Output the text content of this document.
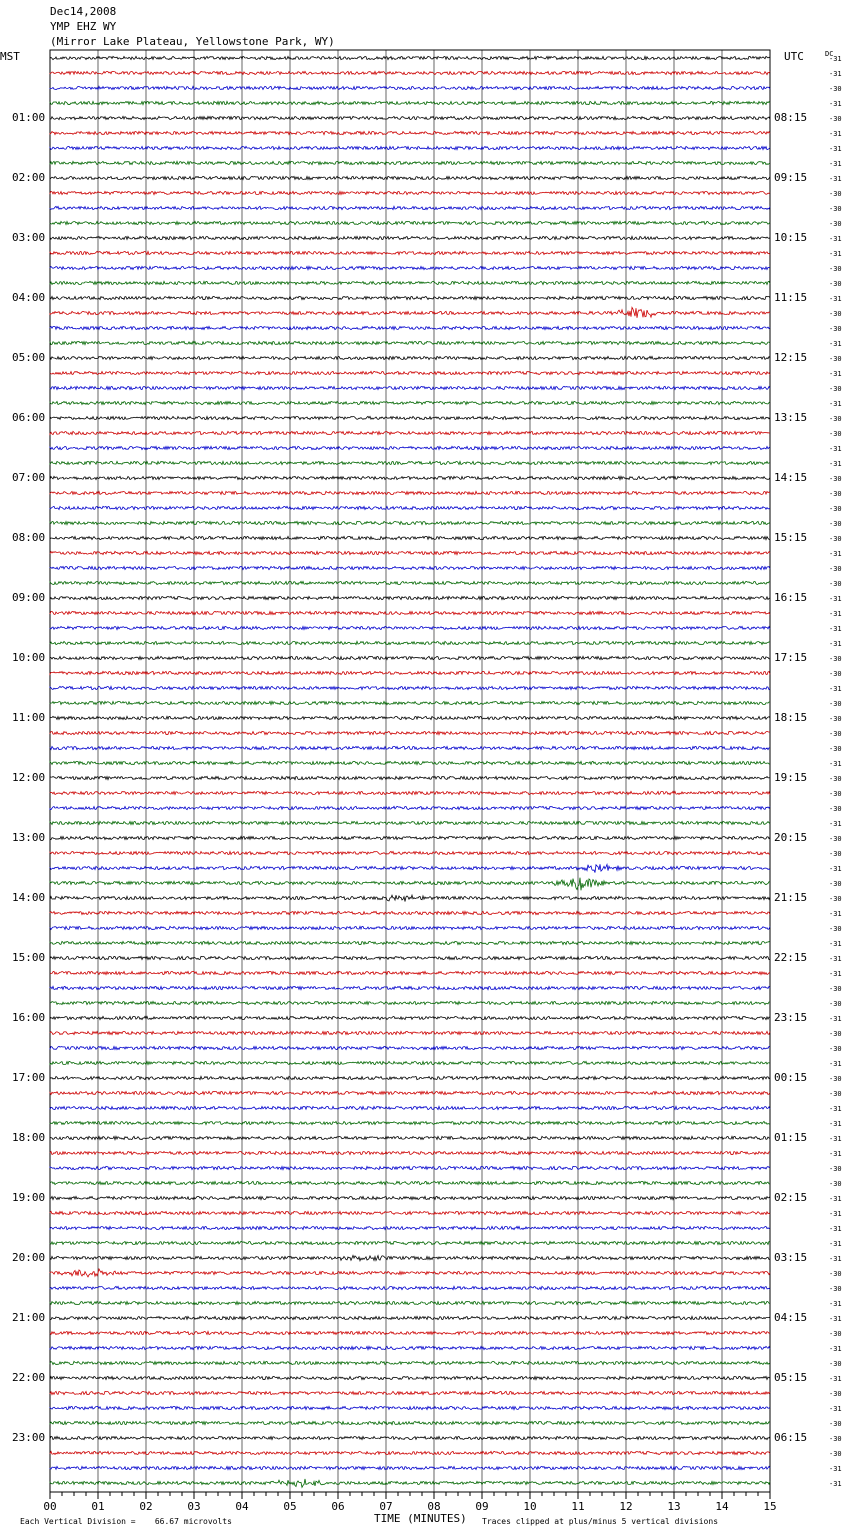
Dec14,2008
YMP EHZ WY
(Mirror Lake Plateau, Yellowstone Park, WY)
MST	UTC	DC
01:00
02:00
03:00
04:00
05:00
06:00
07:00
08:00
09:00
10:00
11:00
12:00
13:00
14:00
15:00
16:00
17:00
18:00
19:00
20:00
21:00
22:00
23:00
08:15
09:15
10:15
11:15
12:15
13:15
14:15
15:15
16:15
17:15
18:15
19:15
20:15
21:15
22:15
23:15
00:15
01:15
02:15
03:15
04:15
05:15
06:15
-31
-31
-30
-31
-30
-31
-31
-31
-31
-30
-30
-30
-31
-31
-30
-30
-31
-30
-30
-31
-30
-31
-30
-31
-30
-30
-31
-31
-30
-30
-30
-30
-30
-31
-30
-30
-31
-31
-31
-31
-30
-30
-31
-30
-30
-30
-30
-31
-30
-30
-30
-31
-30
-30
-31
-30
-30
-31
-30
-31
-31
-31
-30
-30
-31
-30
-30
-31
-30
-30
-31
-31
-31
-31
-30
-30
-31
-31
-31
-31
-31
-30
-30
-31
-31
-30
-31
-30
-31
-30
-31
-30
-30
-30
-31
-31
00	01	02	03	04	05	06	07	08	09	10	11	12	13	14	15
Each Vertical Division =    66.67 microvolts	TIME (MINUTES) Traces clipped at plus/minus 5 vertical divisions
